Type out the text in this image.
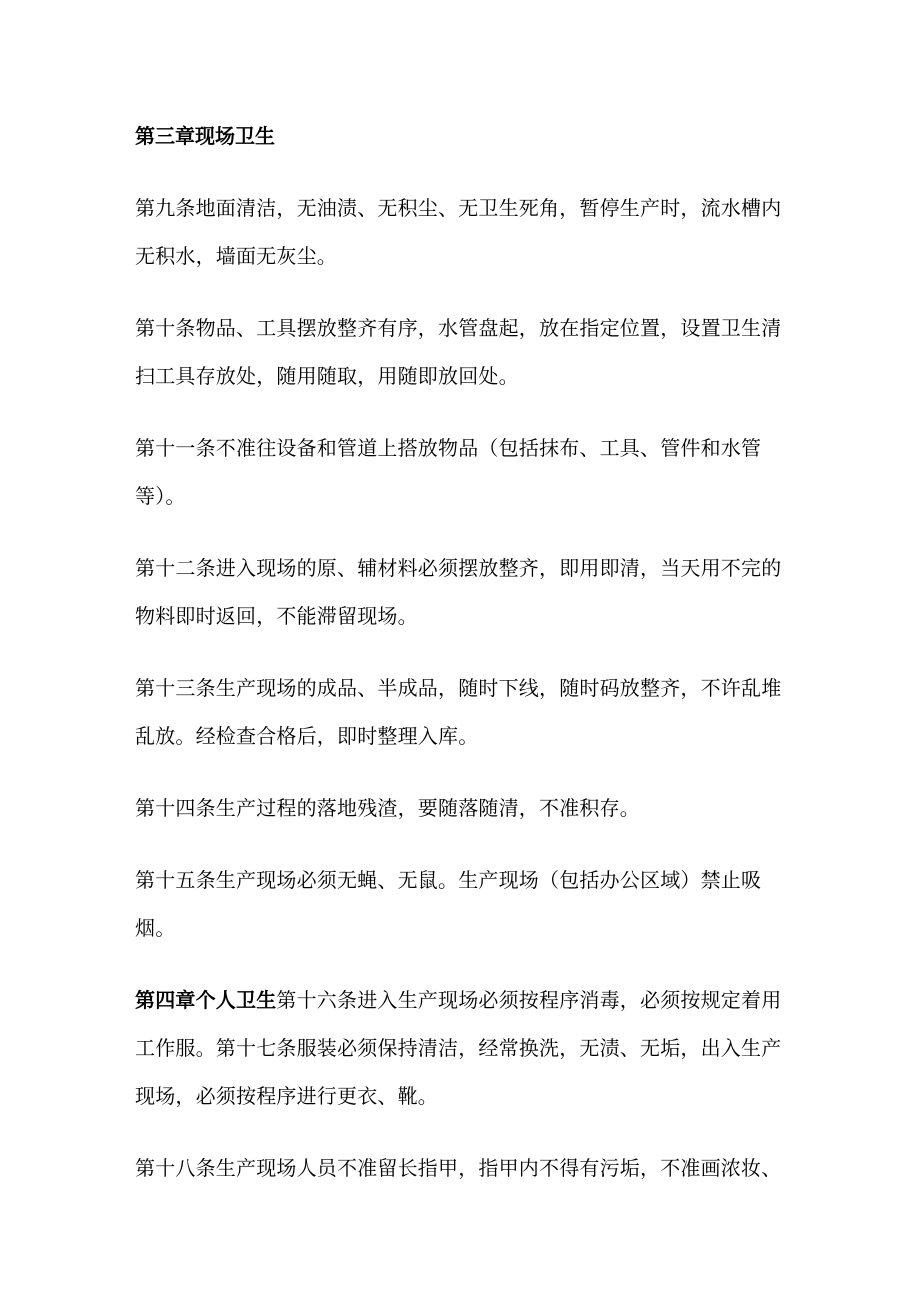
第三章现场卫生

第九条地面清洁，无油渍、无积尘、无卫生死角，暂停生产时，流水槽内无积水，墙面无灰尘。

第十条物品、工具摆放整齐有序，水管盘起，放在指定位置，设置卫生清扫工具存放处，随用随取，用随即放回处。

第十一条不准往设备和管道上搭放物品（包括抹布、工具、管件和水管等）。

第十二条进入现场的原、辅材料必须摆放整齐，即用即清，当天用不完的物料即时返回，不能滞留现场。

第十三条生产现场的成品、半成品，随时下线，随时码放整齐，不许乱堆乱放。经检查合格后，即时整理入库。

第十四条生产过程的落地残渣，要随落随清，不准积存。

第十五条生产现场必须无蝇、无鼠。生产现场（包括办公区域）禁止吸烟。

第四章个人卫生第十六条进入生产现场必须按程序消毒，必须按规定着用工作服。第十七条服装必须保持清洁，经常换洗，无渍、无垢，出入生产现场，必须按程序进行更衣、靴。

第十八条生产现场人员不准留长指甲，指甲内不得有污垢，不准画浓妆、
